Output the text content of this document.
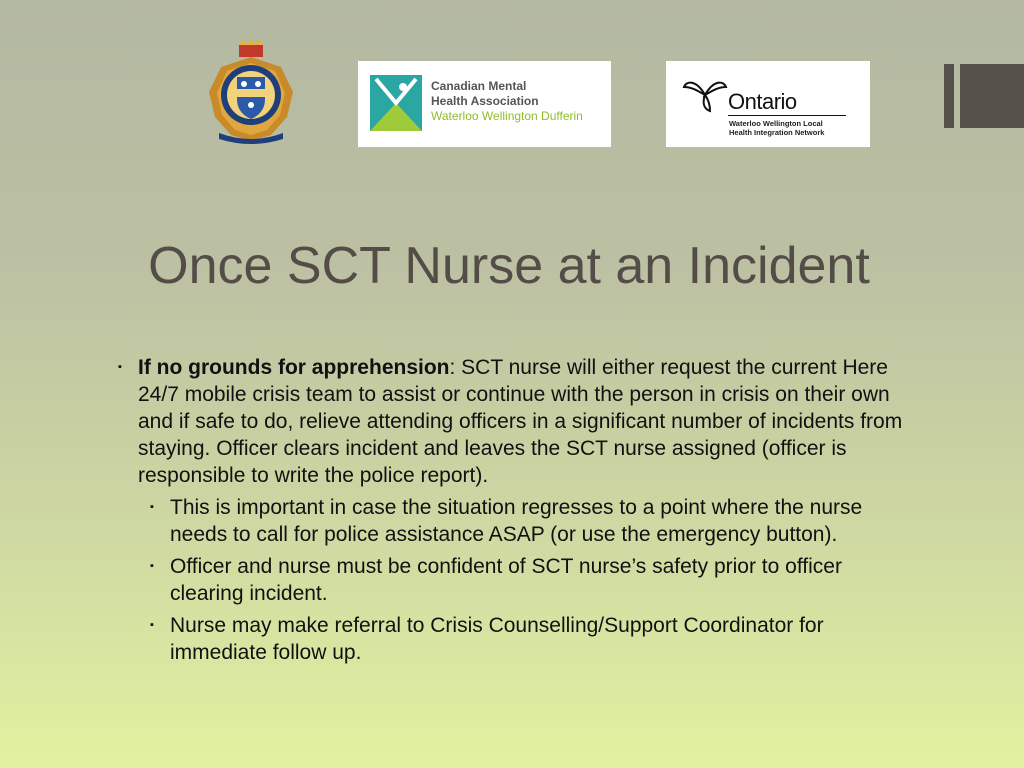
Canadian Mental
Health Association
Waterloo Wellington Dufferin
Ontario
Waterloo Wellington Local
Health Integration Network
Once SCT Nurse at an Incident
▪ If no grounds for apprehension: SCT nurse will either request the current Here 24/7 mobile crisis team to assist or continue with the person in crisis on their own and if safe to do, relieve attending officers in a significant number of incidents from staying. Officer clears incident and leaves the SCT nurse assigned (officer is responsible to write the police report).
▪ This is important in case the situation regresses to a point where the nurse needs to call for police assistance ASAP (or use the emergency button).
▪ Officer and nurse must be confident of SCT nurse’s safety prior to officer clearing incident.
▪ Nurse may make referral to Crisis Counselling/Support Coordinator for immediate follow up.
